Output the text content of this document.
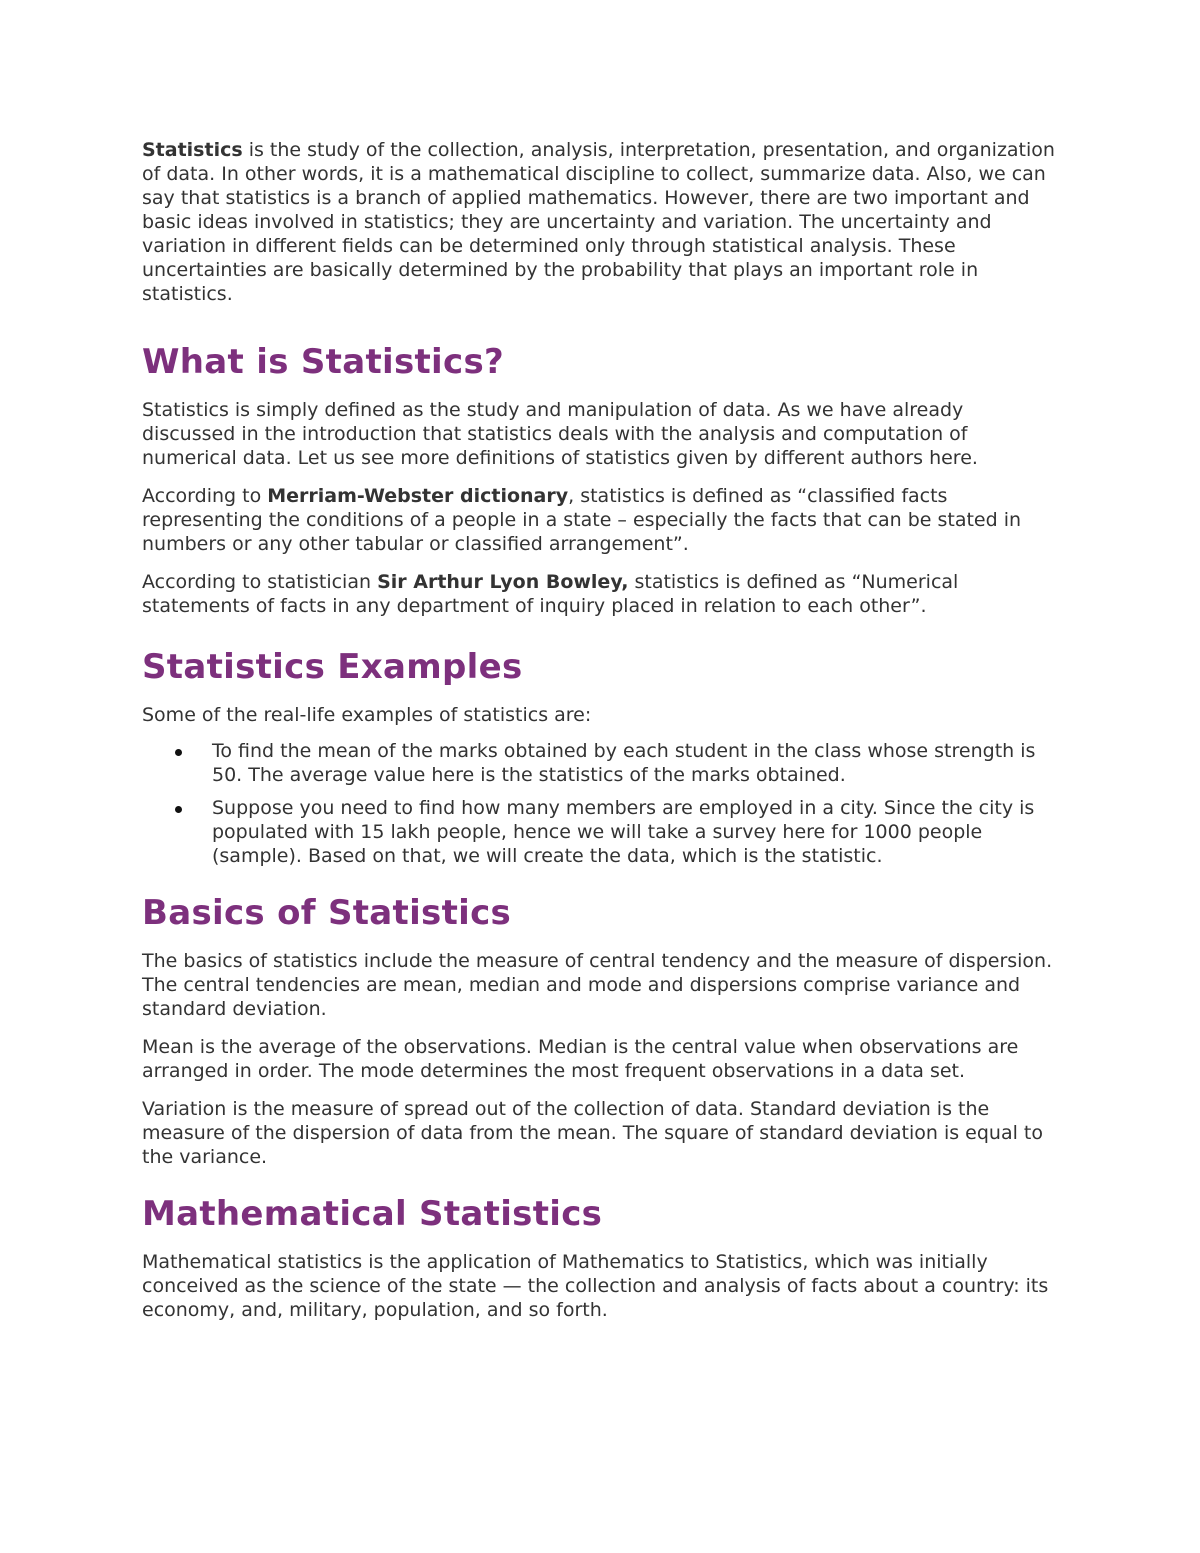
Statistics is the study of the collection, analysis, interpretation, presentation, and organization of data. In other words, it is a mathematical discipline to collect, summarize data. Also, we can say that statistics is a branch of applied mathematics. However, there are two important and basic ideas involved in statistics; they are uncertainty and variation. The uncertainty and variation in different fields can be determined only through statistical analysis. These uncertainties are basically determined by the probability that plays an important role in statistics.

What is Statistics?

Statistics is simply defined as the study and manipulation of data. As we have already discussed in the introduction that statistics deals with the analysis and computation of numerical data. Let us see more definitions of statistics given by different authors here.

According to Merriam-Webster dictionary, statistics is defined as “classified facts representing the conditions of a people in a state – especially the facts that can be stated in numbers or any other tabular or classified arrangement”.

According to statistician Sir Arthur Lyon Bowley, statistics is defined as “Numerical statements of facts in any department of inquiry placed in relation to each other”.

Statistics Examples

Some of the real-life examples of statistics are:

To find the mean of the marks obtained by each student in the class whose strength is 50. The average value here is the statistics of the marks obtained.
Suppose you need to find how many members are employed in a city. Since the city is populated with 15 lakh people, hence we will take a survey here for 1000 people (sample). Based on that, we will create the data, which is the statistic.
Basics of Statistics

The basics of statistics include the measure of central tendency and the measure of dispersion. The central tendencies are mean, median and mode and dispersions comprise variance and standard deviation.

Mean is the average of the observations. Median is the central value when observations are arranged in order. The mode determines the most frequent observations in a data set.

Variation is the measure of spread out of the collection of data. Standard deviation is the measure of the dispersion of data from the mean. The square of standard deviation is equal to the variance.

Mathematical Statistics

Mathematical statistics is the application of Mathematics to Statistics, which was initially conceived as the science of the state — the collection and analysis of facts about a country: its economy, and, military, population, and so forth.
